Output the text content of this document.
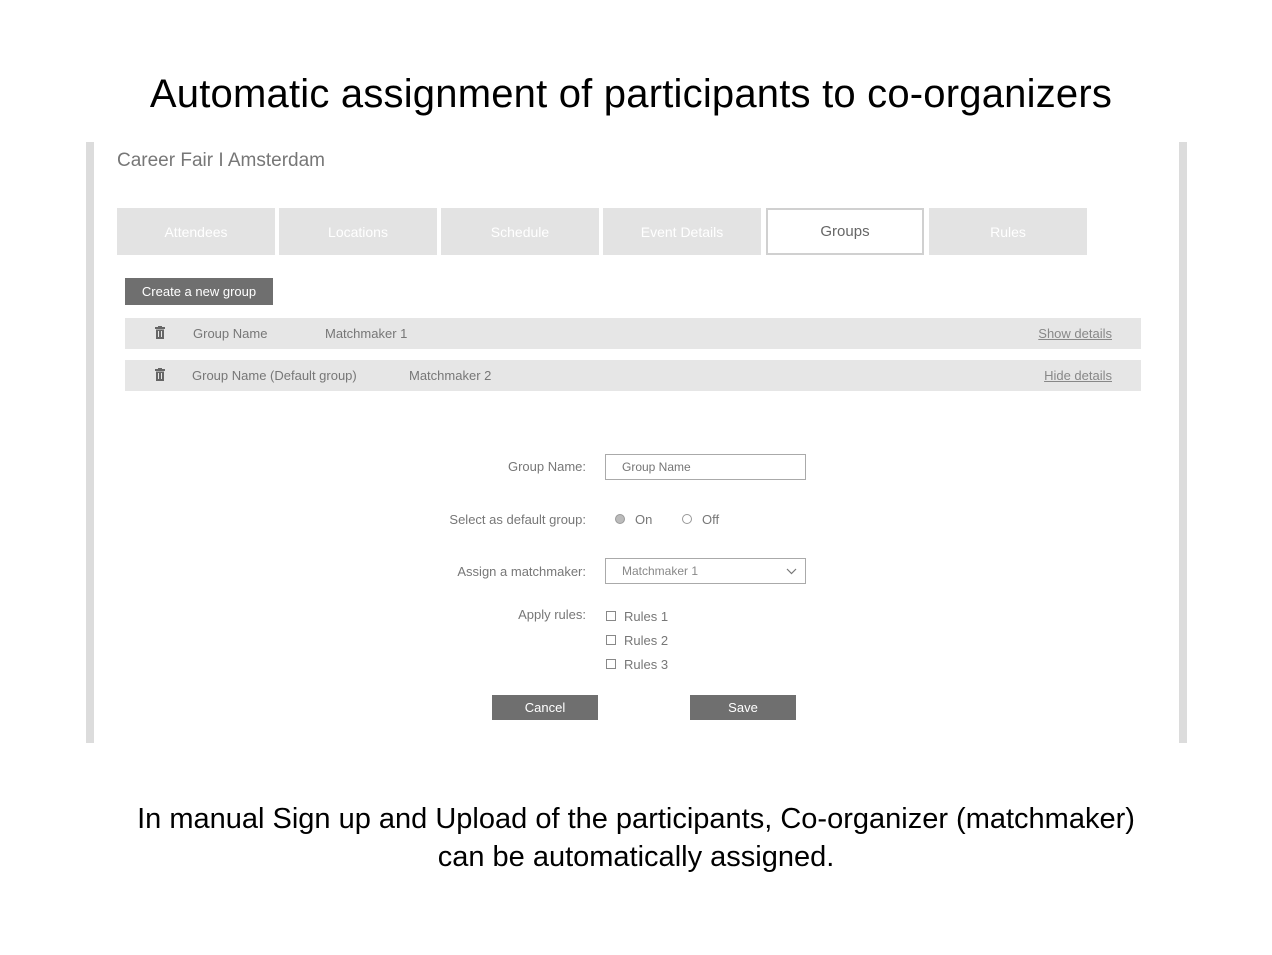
Automatic assignment of participants to co-organizers
Career Fair I Amsterdam
Attendees	Locations	Schedule	Event Details	Groups	Rules
Create a new group
Group Name	Matchmaker 1	Show details
Group Name (Default group)	Matchmaker 2	Hide details
Group Name:
Group Name
Select as default group:	On	Off
Assign a matchmaker:	Matchmaker 1
Apply rules:	Rules 1
Rules 2
Rules 3
Cancel	Save
In manual Sign up and Upload of the participants, Co-organizer (matchmaker)
can be automatically assigned.
